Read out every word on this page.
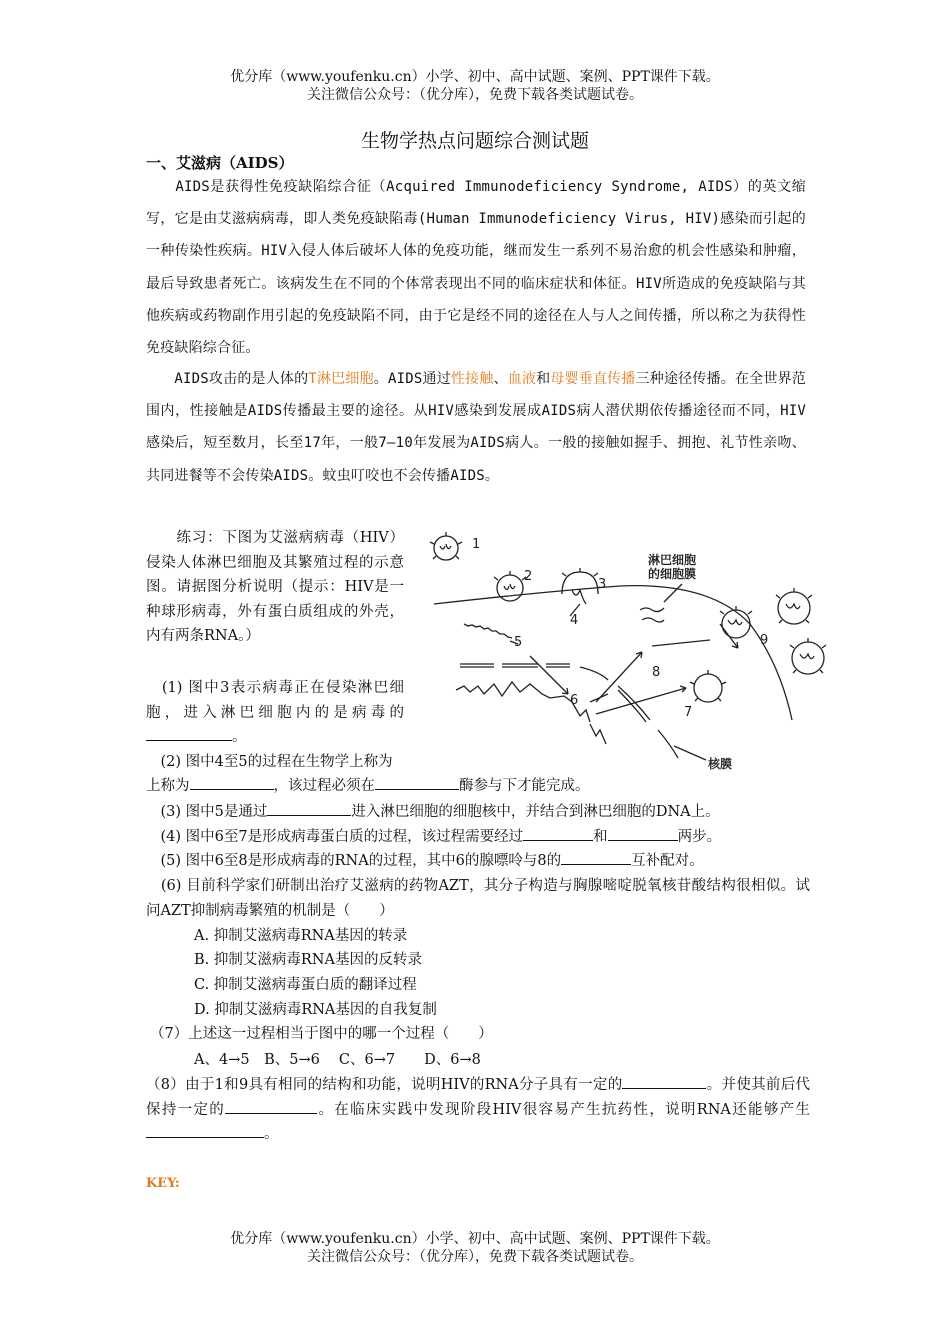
优分库（www.youfenku.cn）小学、初中、高中试题、案例、PPT课件下载。
关注微信公众号：（优分库），免费下载各类试题试卷。
生物学热点问题综合测试题
一、艾滋病（AIDS）
　　AIDS是获得性免疫缺陷综合征（Acquired Immunodeficiency Syndrome, AIDS）的英文缩写，它是由艾滋病病毒，即人类免疫缺陷毒(Human Immunodeficiency Virus, HIV)感染而引起的一种传染性疾病。HIV入侵人体后破坏人体的免疫功能，继而发生一系列不易治愈的机会性感染和肿瘤，最后导致患者死亡。该病发生在不同的个体常表现出不同的临床症状和体征。HIV所造成的免疫缺陷与其他疾病或药物副作用引起的免疫缺陷不同，由于它是经不同的途径在人与人之间传播，所以称之为获得性免疫缺陷综合征。
　　AIDS攻击的是人体的T淋巴细胞。AIDS通过性接触、血液和母婴垂直传播三种途径传播。在全世界范围内，性接触是AIDS传播最主要的途径。从HIV感染到发展成AIDS病人潜伏期依传播途径而不同，HIV感染后，短至数月，长至17年，一般7—10年发展为AIDS病人。一般的接触如握手、拥抱、礼节性亲吻、共同进餐等不会传染AIDS。蚊虫叮咬也不会传播AIDS。
　　练习：下图为艾滋病病毒（HIV）侵染人体淋巴细胞及其繁殖过程的示意图。请据图分析说明（提示：HIV是一种球形病毒，外有蛋白质组成的外壳，内有两条RNA。）
　(1) 图中3表示病毒正在侵染淋巴细胞，进入淋巴细胞内的是病毒的。
　(2) 图中4至5的过程在生物学上称为
上称为	，该过程必须在	酶参与下才能完成。
　(3) 图中5是通过	进入淋巴细胞的细胞核中，并结合到淋巴细胞的DNA上。
　(4) 图中6至7是形成病毒蛋白质的过程，该过程需要经过	和	两步。
　(5) 图中6至8是形成病毒的RNA的过程，其中6的腺嘌呤与8的	互补配对。
　(6) 目前科学家们研制出治疗艾滋病的药物AZT，其分子构造与胸腺嘧啶脱氧核苷酸结构很相似。试问AZT抑制病毒繁殖的机制是（　　）
A. 抑制艾滋病毒RNA基因的转录
B. 抑制艾滋病毒RNA基因的反转录
C. 抑制艾滋病毒蛋白质的翻译过程
D. 抑制艾滋病毒RNA基因的自我复制
（7）上述这一过程相当于图中的哪一个过程（　　）
A、4→5　B、5→6　 C、6→7　　D、6→8
（8）由于1和9具有相同的结构和功能，说明HIV的RNA分子具有一定的	。并使其前后代保持一定的	。在临床实践中发现阶段HIV很容易产生抗药性，说明RNA还能够产生。
KEY:
优分库（www.youfenku.cn）小学、初中、高中试题、案例、PPT课件下载。
关注微信公众号：（优分库），免费下载各类试题试卷。
1
2
3
4
5
6
7
8
9
淋巴细胞
的细胞膜
核膜
